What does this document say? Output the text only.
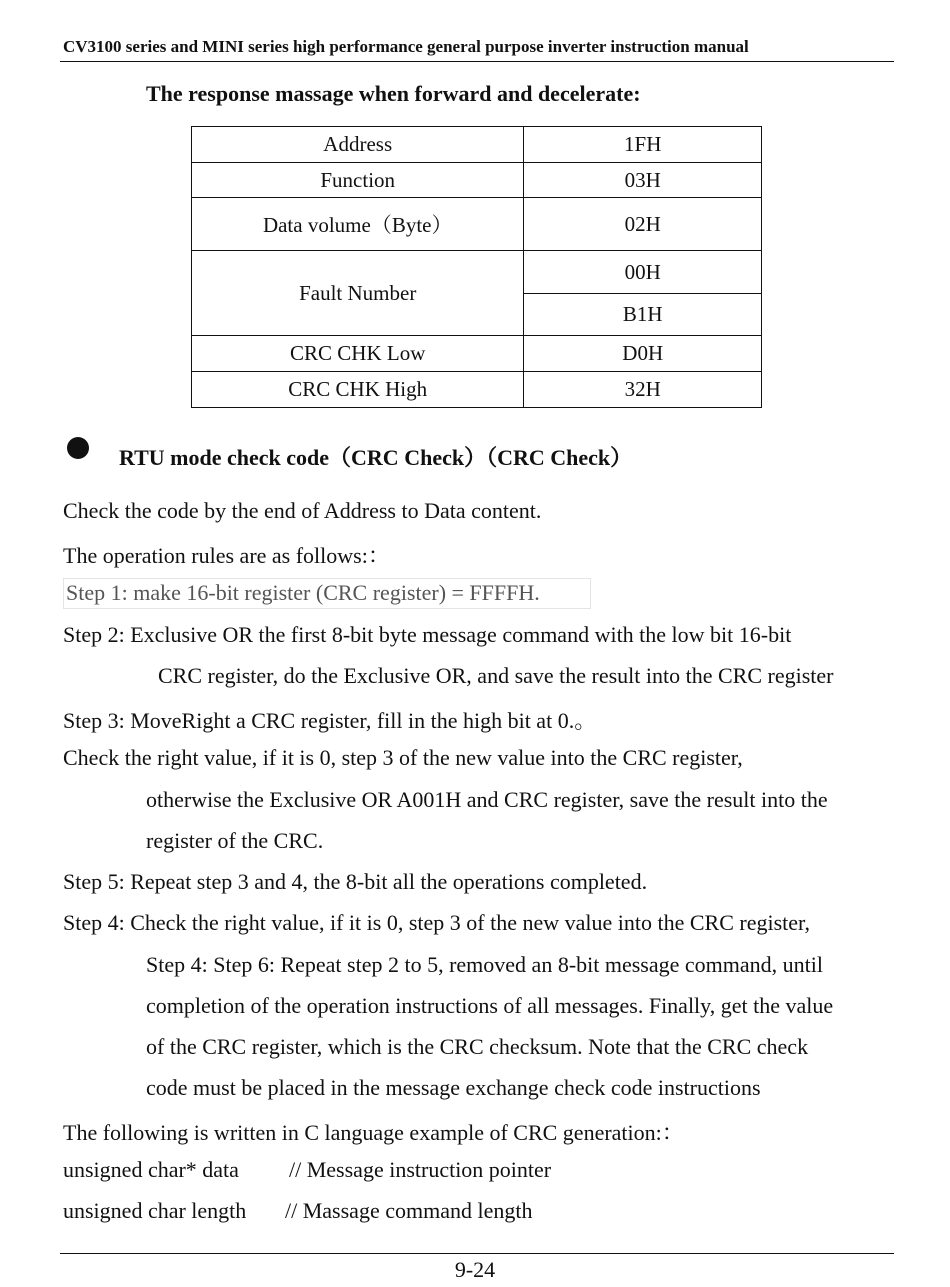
CV3100 series and MINI series high performance general purpose inverter instruction manual
The response massage when forward and decelerate:
Address	1FH
Function	03H
Data volume（Byte）	02H
Fault Number	00H
	B1H
CRC CHK Low	D0H
CRC CHK High	32H
RTU mode check code（CRC Check）（CRC Check）
Check the code by the end of Address to Data content.
The operation rules are as follows:：
Step 1: make 16-bit register (CRC register) = FFFFH.
Step 2: Exclusive OR the first 8-bit byte message command with the low bit 16-bit
CRC register, do the Exclusive OR, and save the result into the CRC register
Step 3: MoveRight a CRC register, fill in the high bit at 0.。
Check the right value, if it is 0, step 3 of the new value into the CRC register,
otherwise the Exclusive OR A001H and CRC register, save the result into the
register of the CRC.
Step 5: Repeat step 3 and 4, the 8-bit all the operations completed.
Step 4: Check the right value, if it is 0, step 3 of the new value into the CRC register,
Step 4: Step 6: Repeat step 2 to 5, removed an 8-bit message command, until
completion of the operation instructions of all messages. Finally, get the value
of the CRC register, which is the CRC checksum. Note that the CRC check
code must be placed in the message exchange check code instructions
The following is written in C language example of CRC generation:：
unsigned char* data // Message instruction pointer
unsigned char length // Massage command length
9-24
